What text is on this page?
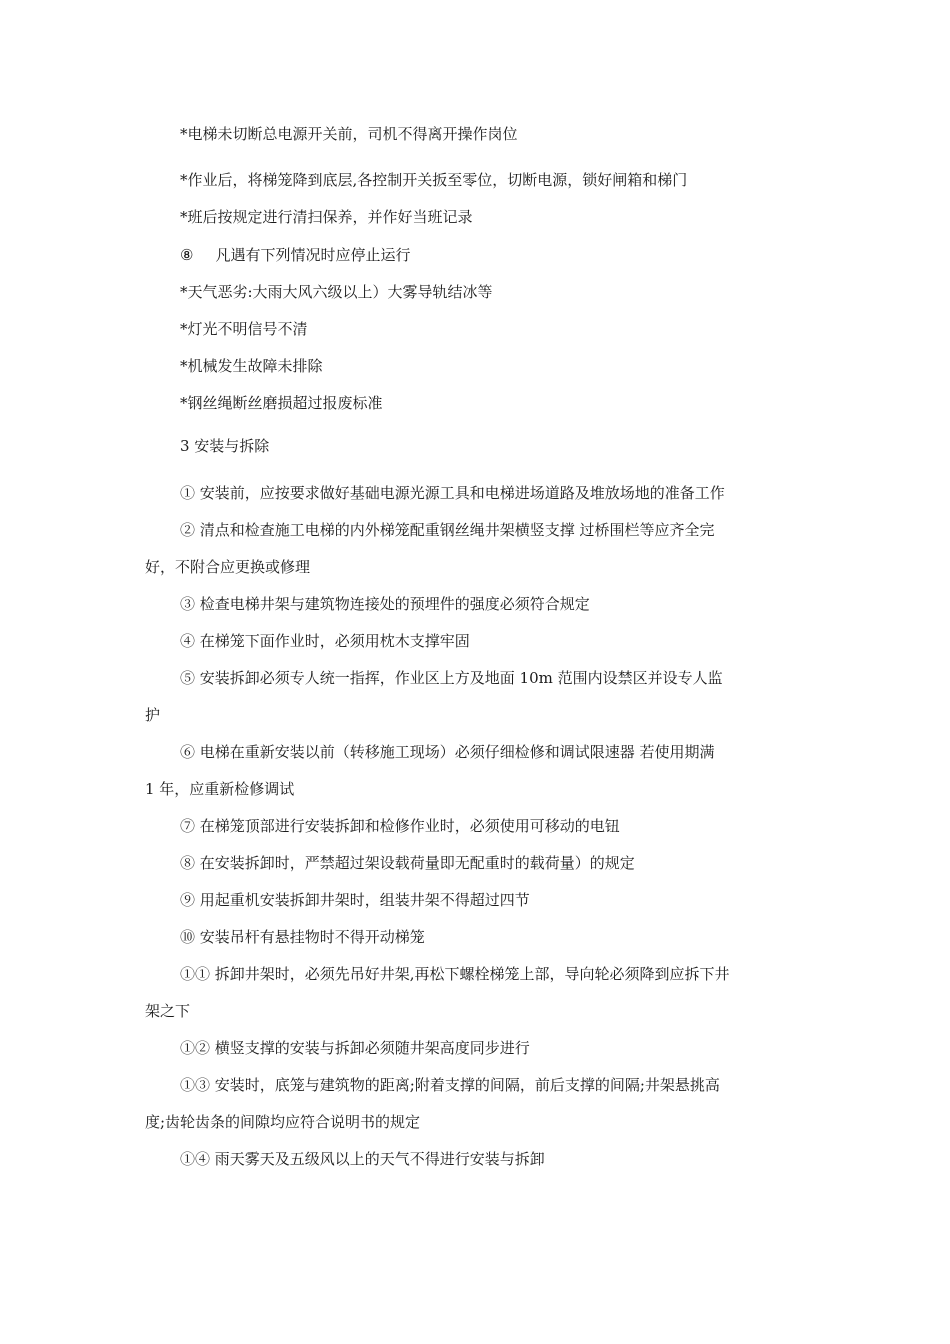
*电梯未切断总电源开关前，司机不得离开操作岗位
*作业后，将梯笼降到底层,各控制开关扳至零位，切断电源，锁好闸箱和梯门
*班后按规定进行清扫保养，并作好当班记录
⑧ 凡遇有下列情况时应停止运行
*天气恶劣:大雨大风六级以上）大雾导轨结冰等
*灯光不明信号不清
*机械发生故障未排除
*钢丝绳断丝磨损超过报废标准
3 安装与拆除
① 安装前，应按要求做好基础电源光源工具和电梯进场道路及堆放场地的准备工作
② 清点和检查施工电梯的内外梯笼配重钢丝绳井架横竖支撑 过桥围栏等应齐全完
好，不附合应更换或修理
③ 检查电梯井架与建筑物连接处的预埋件的强度必须符合规定
④ 在梯笼下面作业时，必须用枕木支撑牢固
⑤ 安装拆卸必须专人统一指挥，作业区上方及地面 10m 范围内设禁区并设专人监
护
⑥ 电梯在重新安装以前（转移施工现场）必须仔细检修和调试限速器 若使用期满
1 年，应重新检修调试
⑦ 在梯笼顶部进行安装拆卸和检修作业时，必须使用可移动的电钮
⑧ 在安装拆卸时，严禁超过架设载荷量即无配重时的载荷量）的规定
⑨ 用起重机安装拆卸井架时，组装井架不得超过四节
⑩ 安装吊杆有悬挂物时不得开动梯笼
①① 拆卸井架时，必须先吊好井架,再松下螺栓梯笼上部，导向轮必须降到应拆下井
架之下
①② 横竖支撑的安装与拆卸必须随井架高度同步进行
①③ 安装时，底笼与建筑物的距离;附着支撑的间隔，前后支撑的间隔;井架悬挑高
度;齿轮齿条的间隙均应符合说明书的规定
①④ 雨天雾天及五级风以上的天气不得进行安装与拆卸
